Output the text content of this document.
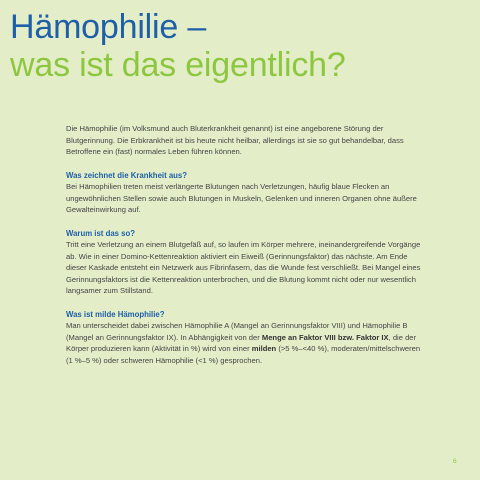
Hämophilie –
was ist das eigentlich?

Die Hämophilie (im Volksmund auch Bluterkrankheit genannt) ist eine angeborene Störung der Blutgerinnung. Die Erbkrankheit ist bis heute nicht heilbar, allerdings ist sie so gut behandelbar, dass Betroffene ein (fast) normales Leben führen können.

Was zeichnet die Krankheit aus?

Bei Hämophilien treten meist verlängerte Blutungen nach Verletzungen, häufig blaue Flecken an ungewöhnlichen Stellen sowie auch Blutungen in Muskeln, Gelenken und inneren Organen ohne äußere Gewalteinwirkung auf.

Warum ist das so?

Tritt eine Verletzung an einem Blutgefäß auf, so laufen im Körper mehrere, ineinandergreifende Vorgänge ab. Wie in einer Domino-Kettenreaktion aktiviert ein Eiweiß (Gerinnungsfaktor) das nächste. Am Ende dieser Kaskade entsteht ein Netzwerk aus Fibrinfasern, das die Wunde fest verschließt. Bei Mangel eines Gerinnungsfaktors ist die Kettenreaktion unterbrochen, und die Blutung kommt nicht oder nur wesentlich langsamer zum Stillstand.

Was ist milde Hämophilie?

Man unterscheidet dabei zwischen Hämophilie A (Mangel an Gerinnungsfaktor VIII) und Hämophilie B (Mangel an Gerinnungsfaktor IX). In Abhängigkeit von der Menge an Faktor VIII bzw. Faktor IX, die der Körper produzieren kann (Aktivität in %) wird von einer milden (>5 %–<40 %), moderaten/mittelschweren (1 %–5 %) oder schweren Hämophilie (<1 %) gesprochen.

6
